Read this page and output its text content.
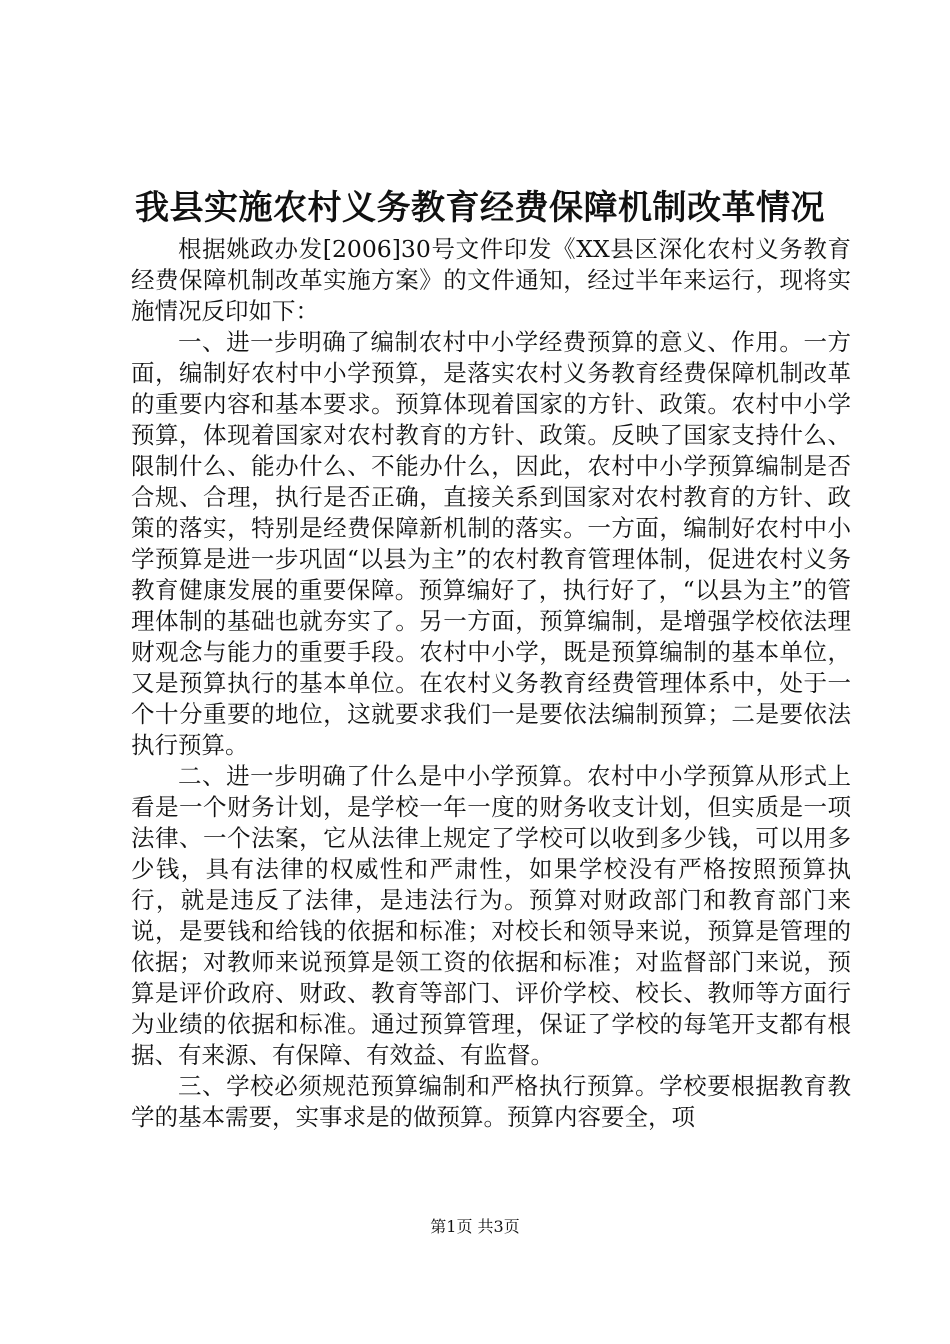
我县实施农村义务教育经费保障机制改革情况

根据姚政办发[2006]30号文件印发《XX县区深化农村义务教育经费保障机制改革实施方案》的文件通知，经过半年来运行，现将实施情况反印如下：

一、进一步明确了编制农村中小学经费预算的意义、作用。一方面，编制好农村中小学预算，是落实农村义务教育经费保障机制改革的重要内容和基本要求。预算体现着国家的方针、政策。农村中小学预算，体现着国家对农村教育的方针、政策。反映了国家支持什么、限制什么、能办什么、不能办什么，因此，农村中小学预算编制是否合规、合理，执行是否正确，直接关系到国家对农村教育的方针、政策的落实，特别是经费保障新机制的落实。一方面，编制好农村中小学预算是进一步巩固“以县为主”的农村教育管理体制，促进农村义务教育健康发展的重要保障。预算编好了，执行好了，“以县为主”的管理体制的基础也就夯实了。另一方面，预算编制，是增强学校依法理财观念与能力的重要手段。农村中小学，既是预算编制的基本单位，又是预算执行的基本单位。在农村义务教育经费管理体系中，处于一个十分重要的地位，这就要求我们一是要依法编制预算；二是要依法执行预算。

二、进一步明确了什么是中小学预算。农村中小学预算从形式上看是一个财务计划，是学校一年一度的财务收支计划，但实质是一项法律、一个法案，它从法律上规定了学校可以收到多少钱，可以用多少钱，具有法律的权威性和严肃性，如果学校没有严格按照预算执行，就是违反了法律，是违法行为。预算对财政部门和教育部门来说，是要钱和给钱的依据和标准；对校长和领导来说，预算是管理的依据；对教师来说预算是领工资的依据和标准；对监督部门来说，预算是评价政府、财政、教育等部门、评价学校、校长、教师等方面行为业绩的依据和标准。通过预算管理，保证了学校的每笔开支都有根据、有来源、有保障、有效益、有监督。

三、学校必须规范预算编制和严格执行预算。学校要根据教育教学的基本需要，实事求是的做预算。预算内容要全，项

第1页 共3页
